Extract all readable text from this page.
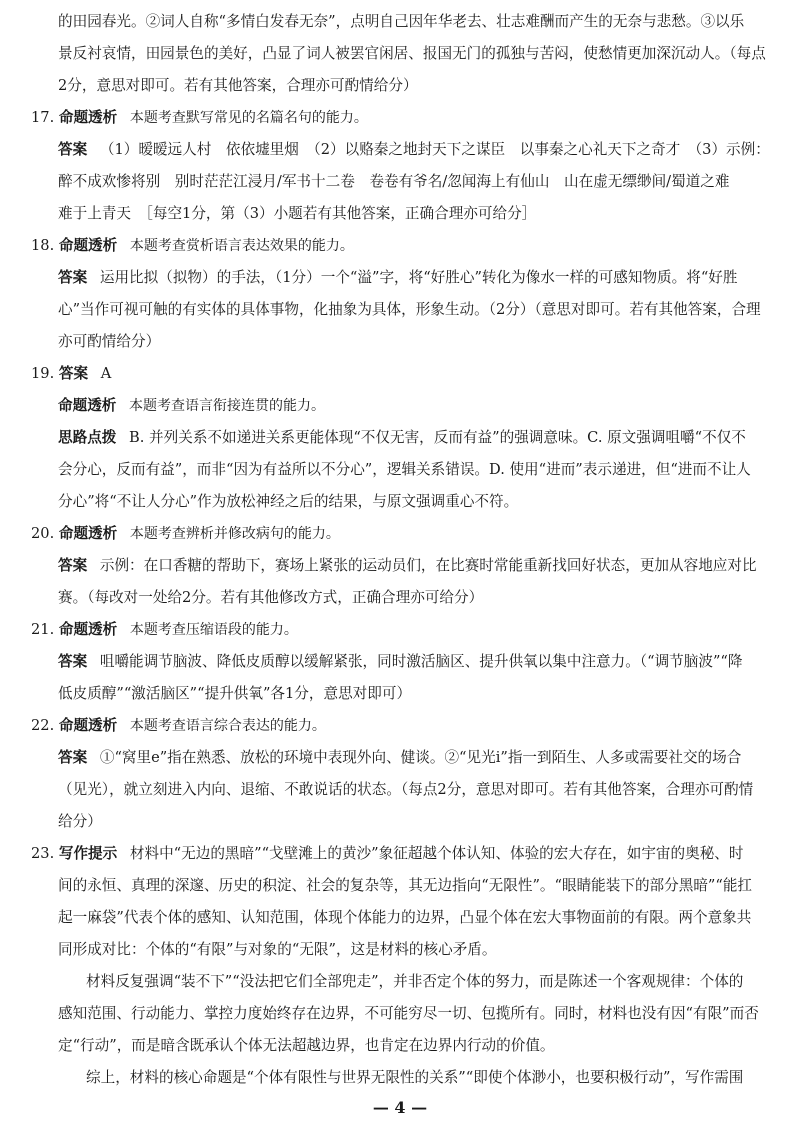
的田园春光。②词人自称“多情白发春无奈”，点明自己因年华老去、壮志难酬而产生的无奈与悲愁。③以乐
景反衬哀情，田园景色的美好，凸显了词人被罢官闲居、报国无门的孤独与苦闷，使愁情更加深沉动人。（每点
2分，意思对即可。若有其他答案，合理亦可酌情给分）
17. 命题透析 本题考查默写常见的名篇名句的能力。
答案 （1）暧暧远人村　依依墟里烟　（2）以赂秦之地封天下之谋臣　以事秦之心礼天下之奇才　（3）示例：
醉不成欢惨将别　别时茫茫江浸月/军书十二卷　卷卷有爷名/忽闻海上有仙山　山在虚无缥缈间/蜀道之难
难于上青天　［每空1分，第（3）小题若有其他答案，正确合理亦可给分］
18. 命题透析 本题考查赏析语言表达效果的能力。
答案 运用比拟（拟物）的手法，（1分）一个“溢”字，将“好胜心”转化为像水一样的可感知物质。将“好胜
心”当作可视可触的有实体的具体事物，化抽象为具体，形象生动。（2分）（意思对即可。若有其他答案，合理
亦可酌情给分）
19. 答案 A
命题透析 本题考查语言衔接连贯的能力。
思路点拨 B. 并列关系不如递进关系更能体现“不仅无害，反而有益”的强调意味。C. 原文强调咀嚼“不仅不
会分心，反而有益”，而非“因为有益所以不分心”，逻辑关系错误。D. 使用“进而”表示递进，但“进而不让人
分心”将“不让人分心”作为放松神经之后的结果，与原文强调重心不符。
20. 命题透析 本题考查辨析并修改病句的能力。
答案 示例：在口香糖的帮助下，赛场上紧张的运动员们，在比赛时常能重新找回好状态，更加从容地应对比
赛。（每改对一处给2分。若有其他修改方式，正确合理亦可给分）
21. 命题透析 本题考查压缩语段的能力。
答案 咀嚼能调节脑波、降低皮质醇以缓解紧张，同时激活脑区、提升供氧以集中注意力。（“调节脑波”“降
低皮质醇”“激活脑区”“提升供氧”各1分，意思对即可）
22. 命题透析 本题考查语言综合表达的能力。
答案 ①“窝里e”指在熟悉、放松的环境中表现外向、健谈。②“见光i”指一到陌生、人多或需要社交的场合
（见光），就立刻进入内向、退缩、不敢说话的状态。（每点2分，意思对即可。若有其他答案，合理亦可酌情
给分）
23. 写作提示 材料中“无边的黑暗”“戈壁滩上的黄沙”象征超越个体认知、体验的宏大存在，如宇宙的奥秘、时
间的永恒、真理的深邃、历史的积淀、社会的复杂等，其无边指向“无限性”。“眼睛能装下的部分黑暗”“能扛
起一麻袋”代表个体的感知、认知范围，体现个体能力的边界，凸显个体在宏大事物面前的有限。两个意象共
同形成对比：个体的“有限”与对象的“无限”，这是材料的核心矛盾。
材料反复强调“装不下”“没法把它们全部兜走”，并非否定个体的努力，而是陈述一个客观规律：个体的
感知范围、行动能力、掌控力度始终存在边界，不可能穷尽一切、包揽所有。同时，材料也没有因“有限”而否
定“行动”，而是暗含既承认个体无法超越边界，也肯定在边界内行动的价值。
综上，材料的核心命题是“个体有限性与世界无限性的关系”“即使个体渺小，也要积极行动”，写作需围
— 4 —
